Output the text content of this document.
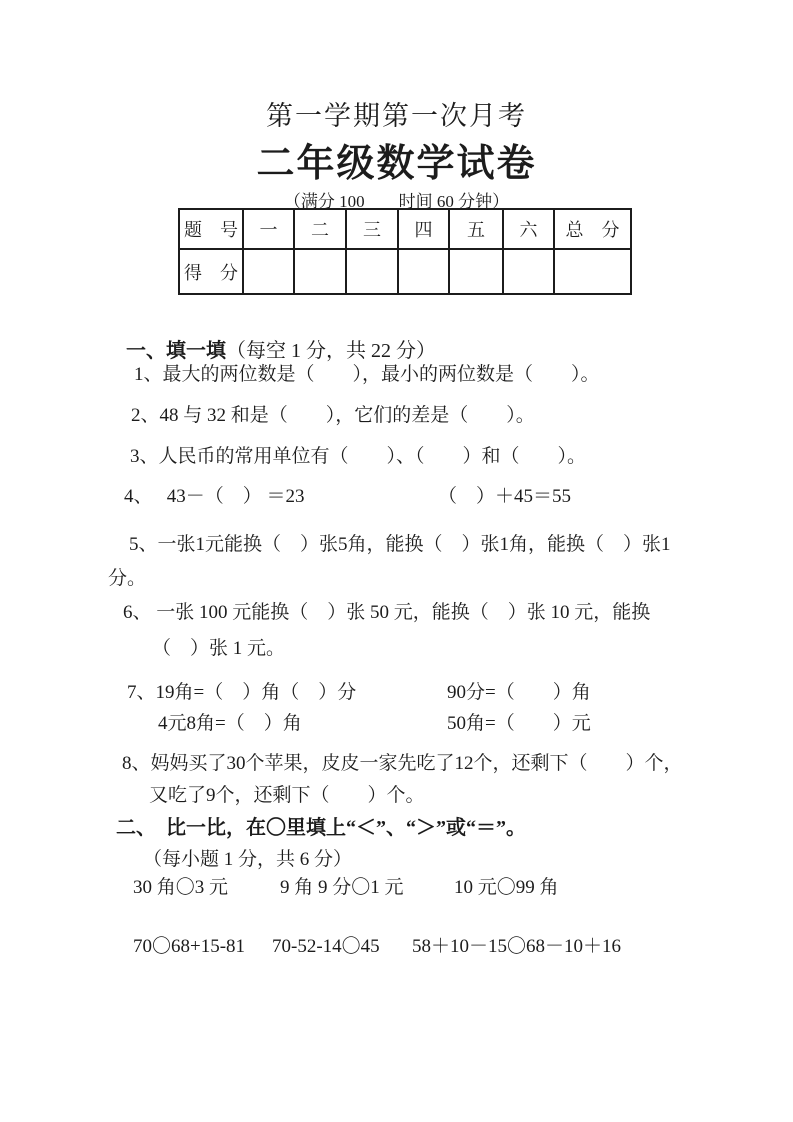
第一学期第一次月考
二年级数学试卷
（满分 100　　时间 60 分钟）
题　号	一	二	三	四	五	六	总　分
得　分							

一、填一填（每空 1 分，共 22 分）

1、最大的两位数是（　　），最小的两位数是（　　）。
2、48 与 32 和是（　　），它们的差是（　　）。
3、人民币的常用单位有（　　）、（　　）和（　　）。
4、　 43－（　） ＝23	（　）＋45＝55
5、一张1元能换（　）张5角，能换（　）张1角，能换（　）张1
分。
6、 一张 100 元能换（　）张 50 元，能换（　）张 10 元，能换
（　）张 1 元。
7、19角=（　）角（　）分	90分=（　　）角
4元8角=（　）角	50角=（　　）元
8、妈妈买了30个苹果，皮皮一家先吃了12个，还剩下（　　）个，
又吃了9个，还剩下（　　）个。
二、　比一比，在〇里填上“＜”、“＞”或“＝”。
（每小题 1 分，共 6 分）
30 角〇3 元	9 角 9 分〇1 元	10 元〇99 角
70〇68+15-81 70-52-14〇45 58＋10－15〇68－10＋16
